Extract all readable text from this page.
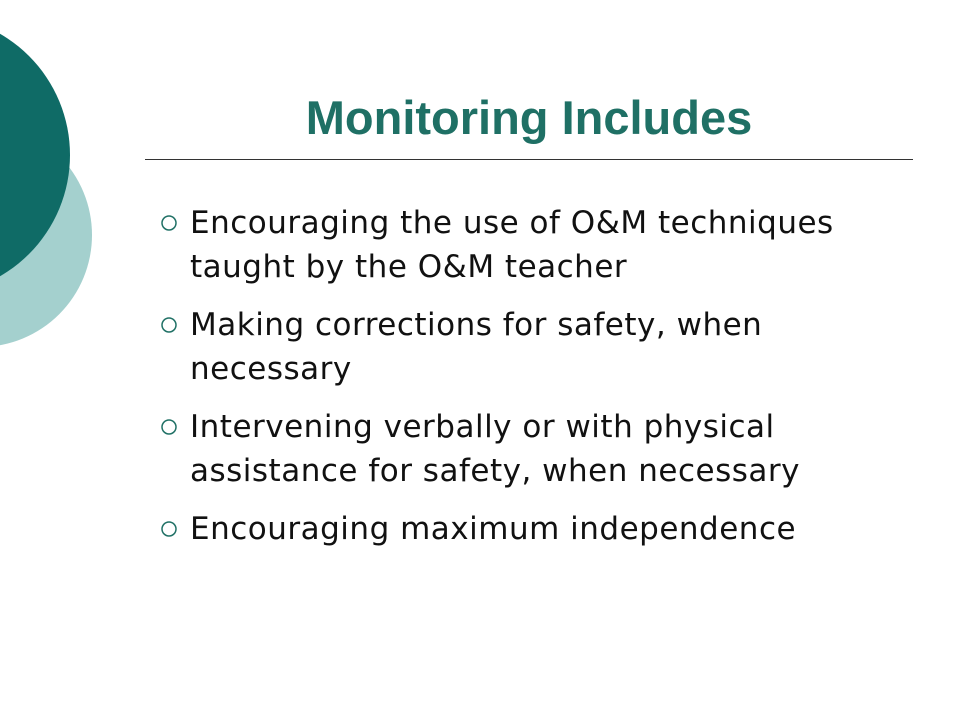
Monitoring Includes
Encouraging the use of O&M techniques taught by the O&M teacher
Making corrections for safety, when necessary
Intervening verbally or with physical assistance for safety, when necessary
Encouraging maximum independence
